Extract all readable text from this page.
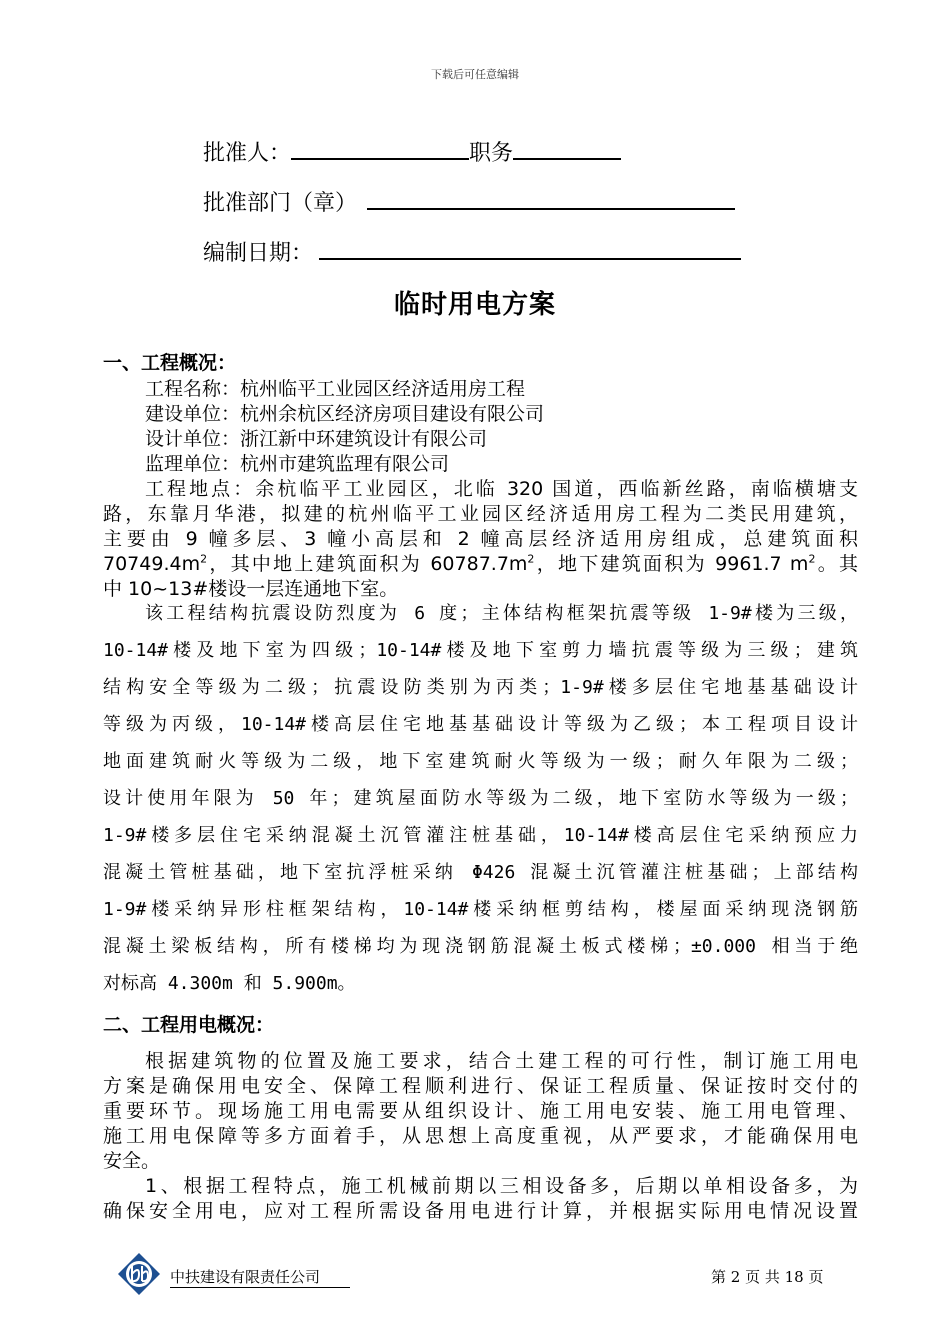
下载后可任意编辑
批准人：	职务
批准部门（章）
编制日期：
临时用电方案
一、工程概况：
工程名称：杭州临平工业园区经济适用房工程
建设单位：杭州余杭区经济房项目建设有限公司
设计单位：浙江新中环建筑设计有限公司
监理单位：杭州市建筑监理有限公司
工程地点：余杭临平工业园区，北临 320 国道，西临新丝路，南临横塘支
路，东靠月华港，拟建的杭州临平工业园区经济适用房工程为二类民用建筑，
主要由 9 幢多层、3 幢小高层和 2 幢高层经济适用房组成，总建筑面积
$70749.4m^2$，其中地上建筑面积为 $60787.7m^2$，地下建筑面积为 9961.7 $m^2$。其
中 10~13#楼设一层连通地下室。
该工程结构抗震设防烈度为 6 度；主体结构框架抗震等级 1-9#楼为三级，
10-14#楼及地下室为四级；10-14#楼及地下室剪力墙抗震等级为三级；建筑
结构安全等级为二级；抗震设防类别为丙类；1-9#楼多层住宅地基基础设计
等级为丙级，10-14#楼高层住宅地基基础设计等级为乙级；本工程项目设计
地面建筑耐火等级为二级，地下室建筑耐火等级为一级；耐久年限为二级；
设计使用年限为 50 年；建筑屋面防水等级为二级，地下室防水等级为一级；
1-9#楼多层住宅采纳混凝土沉管灌注桩基础，10-14#楼高层住宅采纳预应力
混凝土管桩基础，地下室抗浮桩采纳 Φ426 混凝土沉管灌注桩基础；上部结构
1-9#楼采纳异形柱框架结构，10-14#楼采纳框剪结构，楼屋面采纳现浇钢筋
混凝土梁板结构，所有楼梯均为现浇钢筋混凝土板式楼梯；±0.000 相当于绝
对标高 4.300m 和 5.900m。
二、工程用电概况：
根据建筑物的位置及施工要求，结合土建工程的可行性，制订施工用电
方案是确保用电安全、保障工程顺利进行、保证工程质量、保证按时交付的
重要环节。现场施工用电需要从组织设计、施工用电安装、施工用电管理、
施工用电保障等多方面着手，从思想上高度重视，从严要求，才能确保用电
安全。
1、根据工程特点，施工机械前期以三相设备多，后期以单相设备多，为
确保安全用电，应对工程所需设备用电进行计算，并根据实际用电情况设置
中扶建设有限责任公司	第 2 页 共 18 页
